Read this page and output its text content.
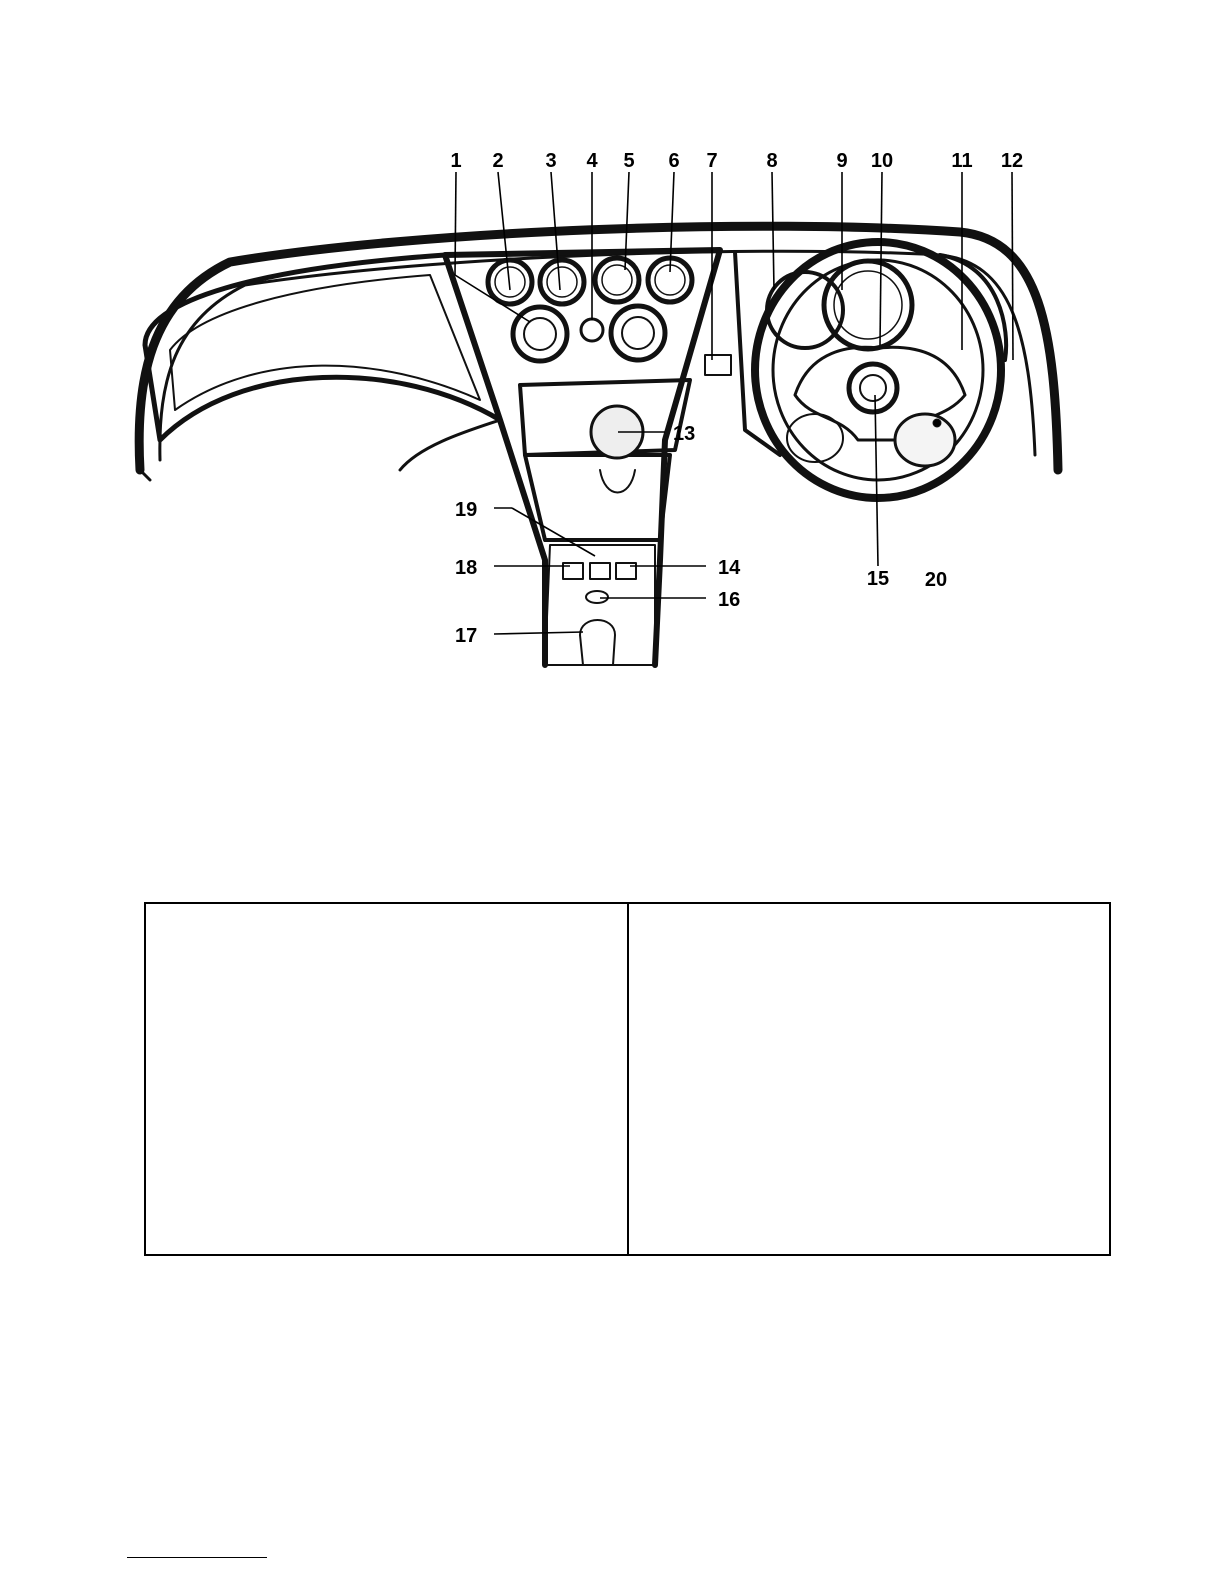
1 2 3 4 5 6 7 8	9 10	11 12
13
14	15
16
17
18
19
20
